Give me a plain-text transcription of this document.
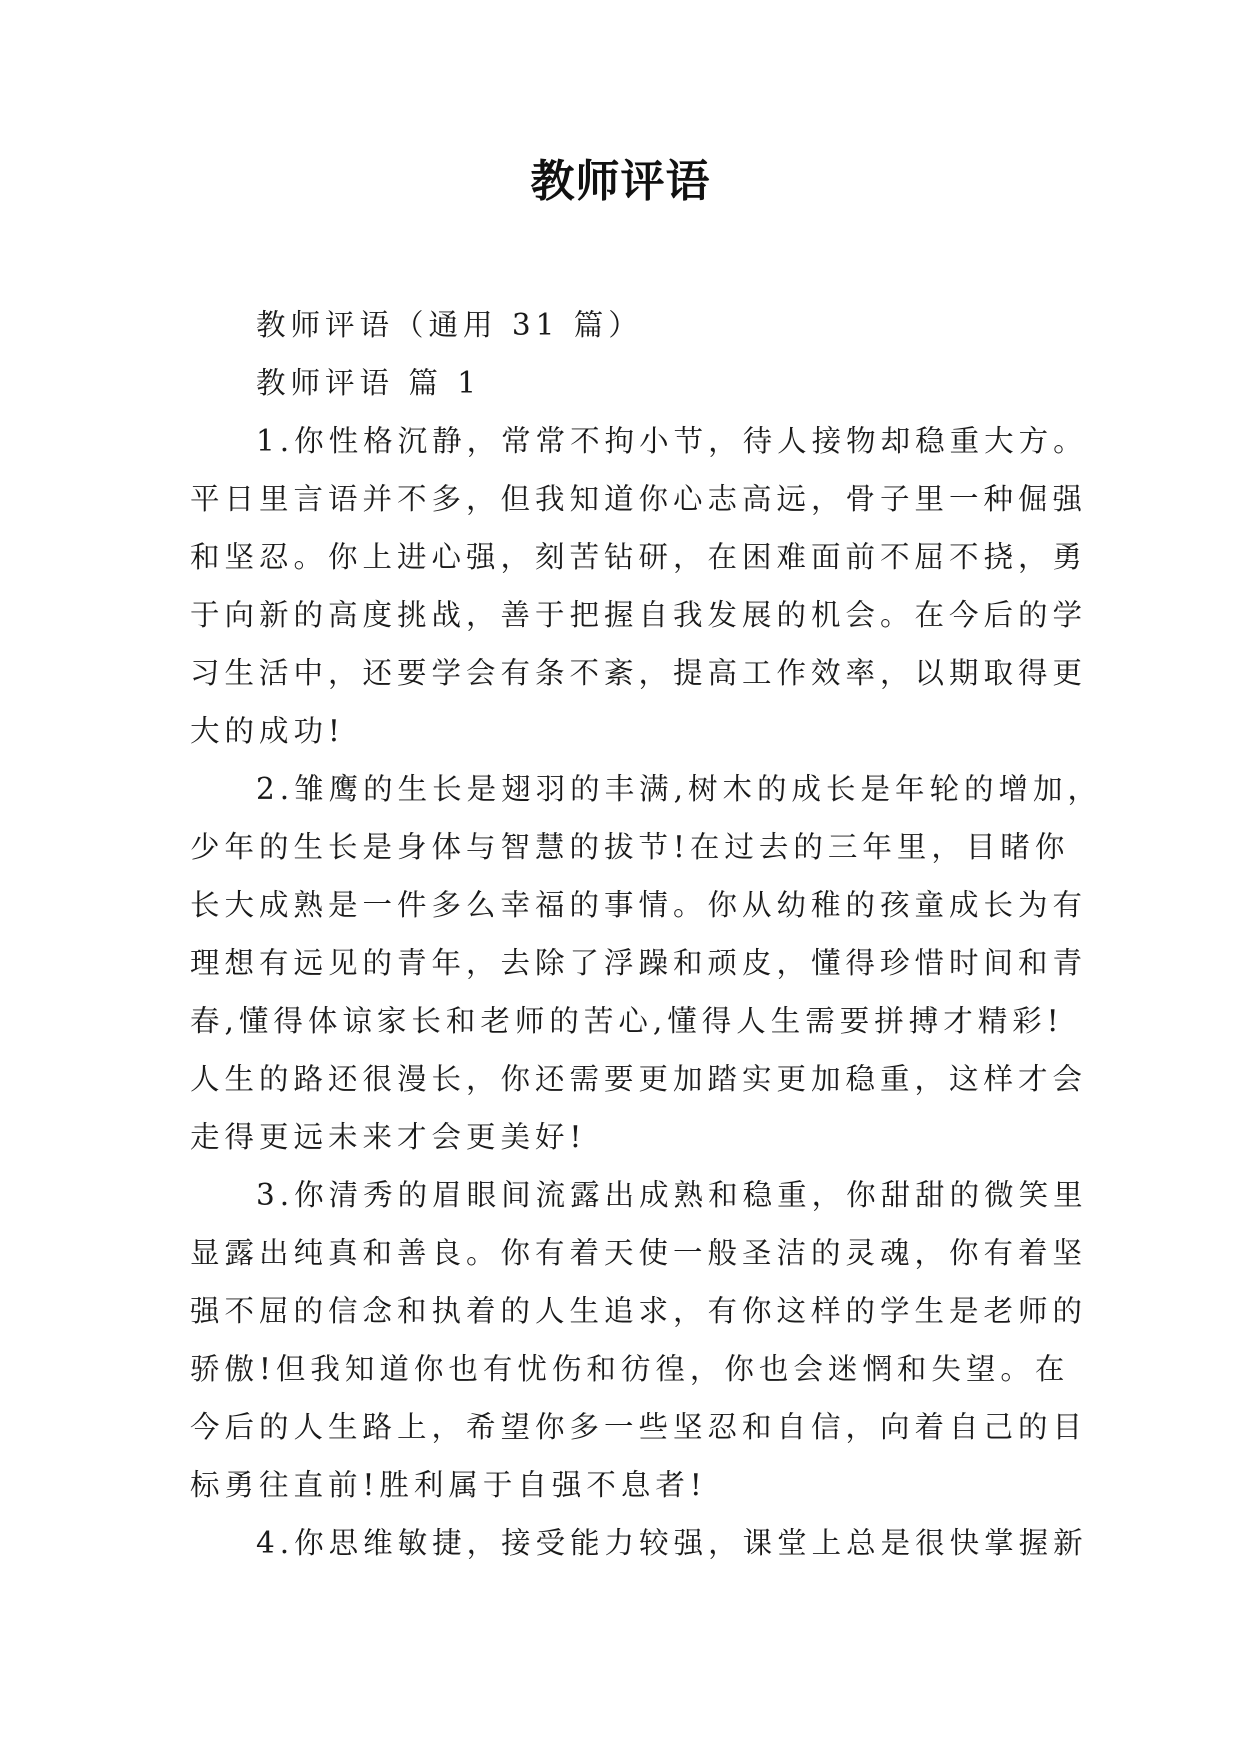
教师评语
教师评语（通用 31 篇）
教师评语 篇 1
1.你性格沉静，常常不拘小节，待人接物却稳重大方。
平日里言语并不多，但我知道你心志高远，骨子里一种倔强
和坚忍。你上进心强，刻苦钻研，在困难面前不屈不挠，勇
于向新的高度挑战，善于把握自我发展的机会。在今后的学
习生活中，还要学会有条不紊，提高工作效率，以期取得更
大的成功!
2.雏鹰的生长是翅羽的丰满,树木的成长是年轮的增加，
少年的生长是身体与智慧的拔节!在过去的三年里，目睹你
长大成熟是一件多么幸福的事情。你从幼稚的孩童成长为有
理想有远见的青年，去除了浮躁和顽皮，懂得珍惜时间和青
春,懂得体谅家长和老师的苦心,懂得人生需要拼搏才精彩!
人生的路还很漫长，你还需要更加踏实更加稳重，这样才会
走得更远未来才会更美好!
3.你清秀的眉眼间流露出成熟和稳重，你甜甜的微笑里
显露出纯真和善良。你有着天使一般圣洁的灵魂，你有着坚
强不屈的信念和执着的人生追求，有你这样的学生是老师的
骄傲!但我知道你也有忧伤和彷徨，你也会迷惘和失望。在
今后的人生路上，希望你多一些坚忍和自信，向着自己的目
标勇往直前!胜利属于自强不息者!
4.你思维敏捷，接受能力较强，课堂上总是很快掌握新
